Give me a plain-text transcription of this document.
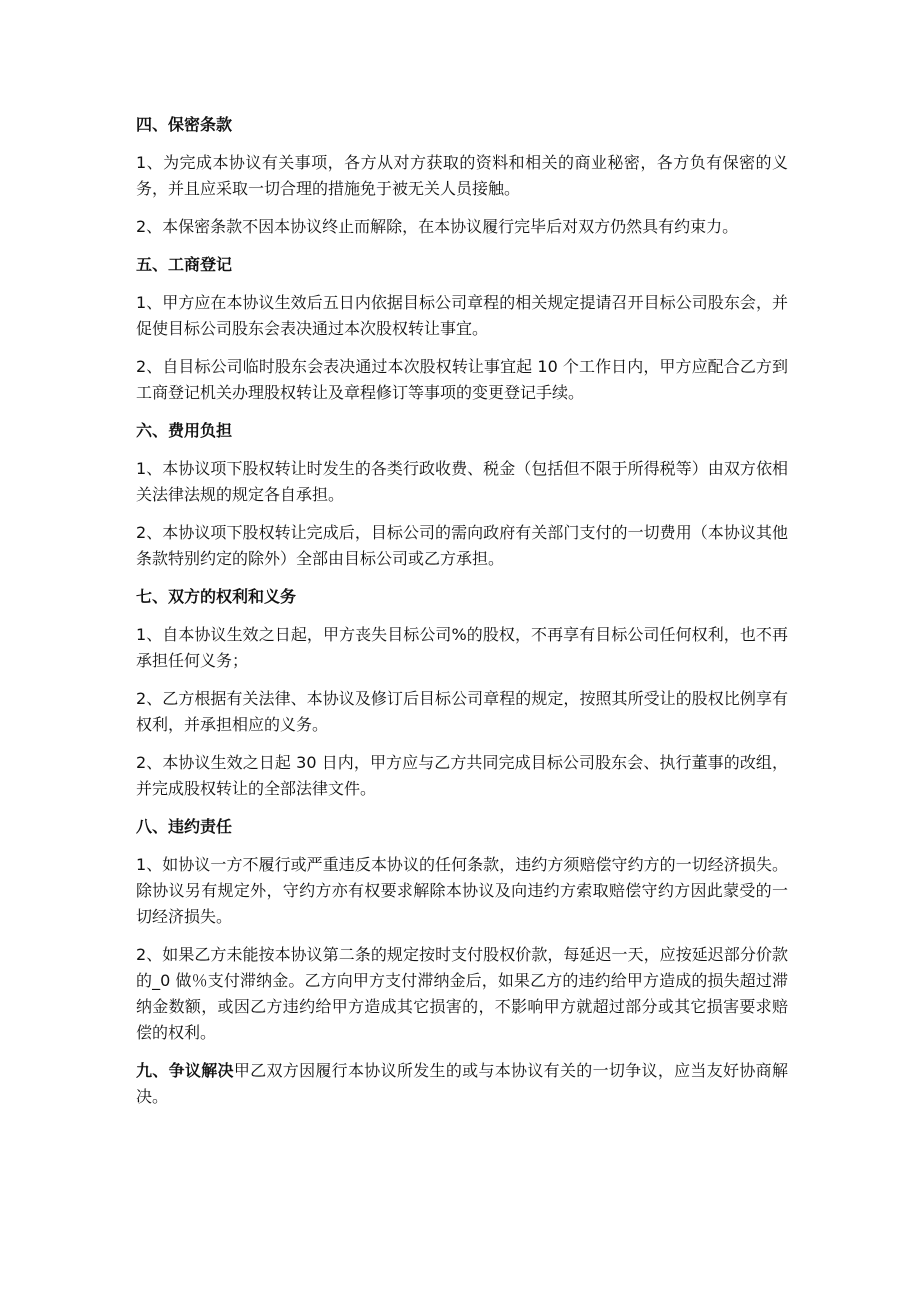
四、保密条款
1、为完成本协议有关事项，各方从对方获取的资料和相关的商业秘密，各方负有保密的义务，并且应采取一切合理的措施免于被无关人员接触。
2、本保密条款不因本协议终止而解除，在本协议履行完毕后对双方仍然具有约束力。
五、工商登记
1、甲方应在本协议生效后五日内依据目标公司章程的相关规定提请召开目标公司股东会，并促使目标公司股东会表决通过本次股权转让事宜。
2、自目标公司临时股东会表决通过本次股权转让事宜起 10 个工作日内，甲方应配合乙方到工商登记机关办理股权转让及章程修订等事项的变更登记手续。
六、费用负担
1、本协议项下股权转让时发生的各类行政收费、税金（包括但不限于所得税等）由双方依相关法律法规的规定各自承担。
2、本协议项下股权转让完成后，目标公司的需向政府有关部门支付的一切费用（本协议其他条款特别约定的除外）全部由目标公司或乙方承担。
七、双方的权利和义务
1、自本协议生效之日起，甲方丧失目标公司%的股权，不再享有目标公司任何权利，也不再承担任何义务；
2、乙方根据有关法律、本协议及修订后目标公司章程的规定，按照其所受让的股权比例享有权利，并承担相应的义务。
2、本协议生效之日起 30 日内，甲方应与乙方共同完成目标公司股东会、执行董事的改组，并完成股权转让的全部法律文件。
八、违约责任
1、如协议一方不履行或严重违反本协议的任何条款，违约方须赔偿守约方的一切经济损失。除协议另有规定外，守约方亦有权要求解除本协议及向违约方索取赔偿守约方因此蒙受的一切经济损失。
2、如果乙方未能按本协议第二条的规定按时支付股权价款，每延迟一天，应按延迟部分价款的_0 做％支付滞纳金。乙方向甲方支付滞纳金后，如果乙方的违约给甲方造成的损失超过滞纳金数额，或因乙方违约给甲方造成其它损害的，不影响甲方就超过部分或其它损害要求赔偿的权利。
九、争议解决甲乙双方因履行本协议所发生的或与本协议有关的一切争议，应当友好协商解决。
